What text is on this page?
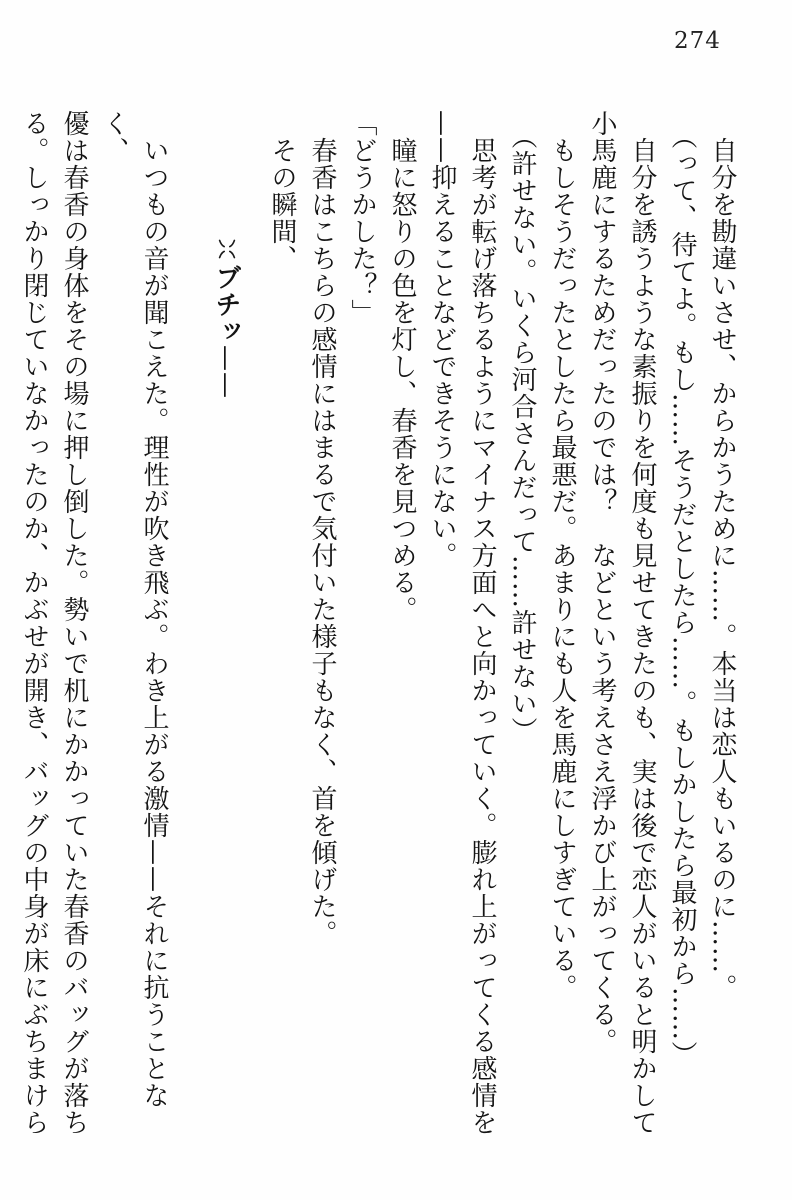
274

自分を勘違いさせ、からかうために……。本当は恋人もいるのに……。

（って、待てよ。もし……そうだとしたら……。もしかしたら最初から……）

自分を誘うような素振りを何度も見せてきたのも、実は後で恋人がいると明かして

小馬鹿にするためだったのでは？　などという考えさえ浮かび上がってくる。

もしそうだったとしたら最悪だ。あまりにも人を馬鹿にしすぎている。

（許せない。いくら河合さんだって……許せない）

思考が転げ落ちるようにマイナス方面へと向かっていく。膨れ上がってくる感情を

——抑えることなどできそうにない。

瞳に怒りの色を灯し、春香を見つめる。

「どうかした？」

春香はこちらの感情にはまるで気付いた様子もなく、首を傾げた。

その瞬間、

ブチッ——

いつもの音が聞こえた。理性が吹き飛ぶ。わき上がる激情——それに抗うことなく、

優は春香の身体をその場に押し倒した。勢いで机にかかっていた春香のバッグが落ち

る。しっかり閉じていなかったのか、かぶせが開き、バッグの中身が床にぶちまけら
